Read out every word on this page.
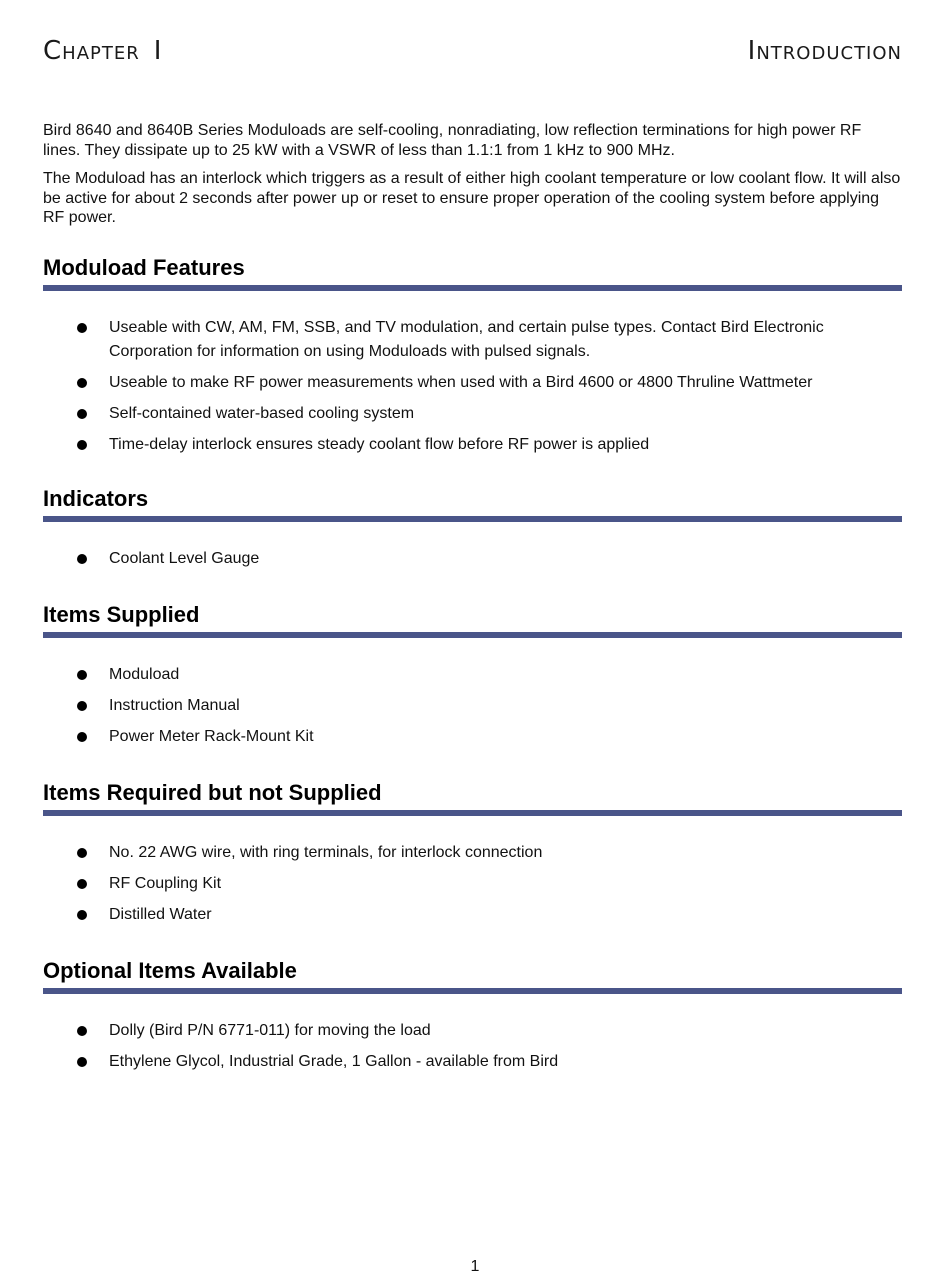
Chapter I	Introduction

Bird 8640 and 8640B Series Moduloads are self-cooling, nonradiating, low reflection terminations for high power RF lines. They dissipate up to 25 kW with a VSWR of less than 1.1:1 from 1 kHz to 900 MHz.

The Moduload has an interlock which triggers as a result of either high coolant temperature or low coolant flow. It will also be active for about 2 seconds after power up or reset to ensure proper operation of the cooling system before applying RF power.

Moduload Features
Useable with CW, AM, FM, SSB, and TV modulation, and certain pulse types. Contact Bird Electronic Corporation for information on using Moduloads with pulsed signals.
Useable to make RF power measurements when used with a Bird 4600 or 4800 Thruline Wattmeter
Self-contained water-based cooling system
Time-delay interlock ensures steady coolant flow before RF power is applied
Indicators
Coolant Level Gauge
Items Supplied
Moduload
Instruction Manual
Power Meter Rack-Mount Kit
Items Required but not Supplied
No. 22 AWG wire, with ring terminals, for interlock connection
RF Coupling Kit
Distilled Water
Optional Items Available
Dolly (Bird P/N 6771-011) for moving the load
Ethylene Glycol, Industrial Grade, 1 Gallon - available from Bird
1
